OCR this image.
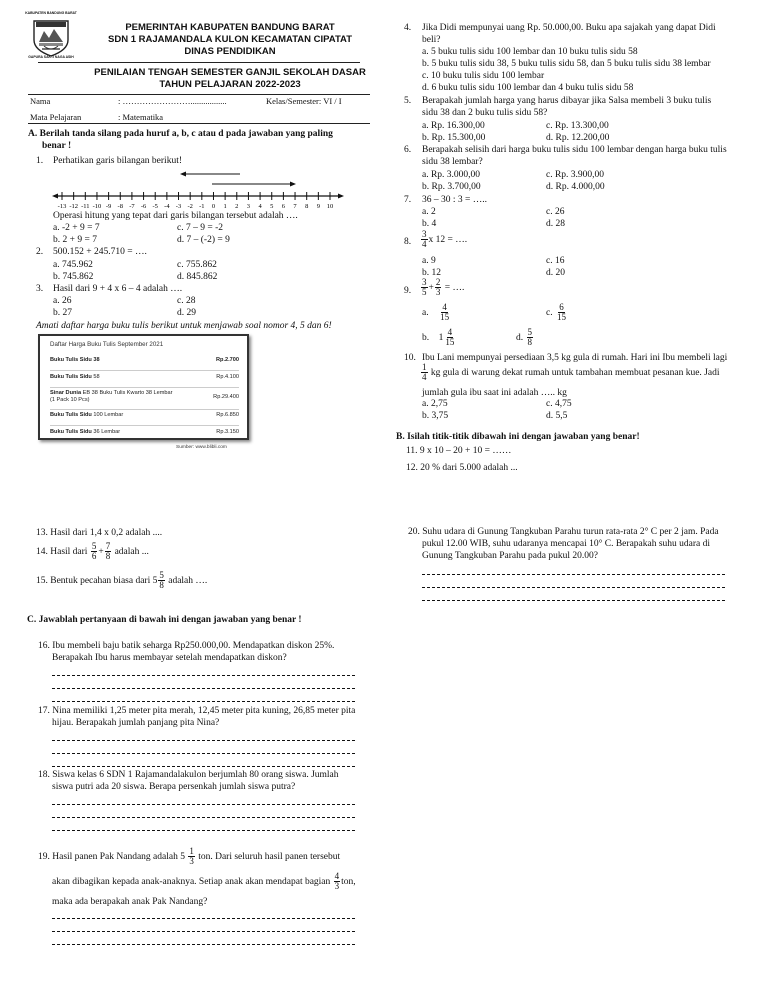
KABUPATEN BANDUNG BARAT
GAPURA SAKTI NAGA ASIH
PEMERINTAH KABUPATEN BANDUNG BARAT
SDN 1 RAJAMANDALA KULON KECAMATAN CIPATAT
DINAS PENDIDIKAN
PENILAIAN TENGAH SEMESTER GANJIL SEKOLAH DASAR
TAHUN PELAJARAN 2022-2023
Nama	: …………………….................	Kelas/Semester: VI / I
Mata Pelajaran	: Matematika
A. Berilah tanda silang pada huruf a, b, c atau d pada jawaban yang paling
benar !
1. Perhatikan garis bilangan berikut!
-13 -12 -11 -10 -9 -8 -7 -6 -5 -4 -3 -2 -1 0 1 2 3 4 5 6 7 8 9 10
Operasi hitung yang tepat dari garis bilangan tersebut adalah ….
a. -2 + 9 = 7	c. 7 – 9 = -2
b. 2 + 9 = 7	d. 7 – (-2) = 9
2. 500.152 + 245.710 = ….
a. 745.962	c. 755.862
b. 745.862	d. 845.862
3. Hasil dari 9 + 4 x 6 – 4 adalah ….
a. 26	c. 28
b. 27	d. 29
Amati daftar harga buku tulis berikut untuk menjawab soal nomor 4, 5 dan 6!
Daftar Harga Buku Tulis September 2021
Buku Tulis Sidu 38	Rp.2.700
Buku Tulis Sidu 58	Rp.4.100
Sinar Dunia EB 38 Buku Tulis Kwarto 38 Lembar
(1 Pack 10 Pcs)	Rp.29.400
Buku Tulis Sidu 100 Lembar	Rp.6.850
Buku Tulis Sidu 36 Lembar	Rp.3.150
Sumber: www.blibli.com
4. Jika Didi mempunyai uang Rp. 50.000,00. Buku apa sajakah yang dapat Didi
beli?
a. 5 buku tulis sidu 100 lembar dan 10 buku tulis sidu 58
b. 5 buku tulis sidu 38, 5 buku tulis sidu 58, dan 5 buku tulis sidu 38 lembar
c. 10 buku tulis sidu 100 lembar
d. 6 buku tulis sidu 100 lembar dan 4 buku tulis sidu 58
5. Berapakah jumlah harga yang harus dibayar jika Salsa membeli 3 buku tulis
sidu 38 dan 2 buku tulis sidu 58?
a. Rp. 16.300,00	c. Rp. 13.300,00
b. Rp. 15.300,00	d. Rp. 12.200,00
6. Berapakah selisih dari harga buku tulis sidu 100 lembar dengan harga buku tulis
sidu 38 lembar?
a. Rp. 3.000,00	c. Rp. 3.900,00
b. Rp. 3.700,00	d. Rp. 4.000,00
7. 36 – 30 : 3 = …..
a. 2	c. 26
b. 4	d. 28
8. $\frac{3}{4}$ x 12 = ….
a. 9	c. 16
b. 12	d. 20
9. $\frac{3}{5} + \frac{2}{3}$ = ….
a. $\frac{4}{15}$	c. $\frac{6}{15}$
b. $1 \frac{4}{15}$	d. $\frac{5}{8}$
10. Ibu Lani mempunyai persediaan 3,5 kg gula di rumah. Hari ini Ibu membeli lagi
$\frac{1}{4}$ kg gula di warung dekat rumah untuk tambahan membuat pesanan kue. Jadi
jumlah gula ibu saat ini adalah ….. kg
a. 2,75	c. 4,75
b. 3,75	d. 5,5
B. Isilah titik-titik dibawah ini dengan jawaban yang benar!
11. 9 x 10 – 20 + 10 = ……
12. 20 % dari 5.000 adalah ...
13. Hasil dari 1,4 x 0,2 adalah ....
14. Hasil dari $\frac{5}{6} + \frac{7}{8}$ adalah ...
15. Bentuk pecahan biasa dari $5 \frac{5}{8}$ adalah ….
C. Jawablah pertanyaan di bawah ini dengan jawaban yang benar !
16. Ibu membeli baju batik seharga Rp250.000,00. Mendapatkan diskon 25%.
Berapakah Ibu harus membayar setelah mendapatkan diskon?
17. Nina memiliki 1,25 meter pita merah, 12,45 meter pita kuning, 26,85 meter pita
hijau. Berapakah jumlah panjang pita Nina?
18. Siswa kelas 6 SDN 1 Rajamandalakulon berjumlah 80 orang siswa. Jumlah
siswa putri ada 20 siswa. Berapa persenkah jumlah siswa putra?
19. Hasil panen Pak Nandang adalah $5 \frac{1}{3}$ ton. Dari seluruh hasil panen tersebut
akan dibagikan kepada anak-anaknya. Setiap anak akan mendapat bagian $\frac{4}{3}$ ton,
maka ada berapakah anak Pak Nandang?
20. Suhu udara di Gunung Tangkuban Parahu turun rata-rata 2° C per 2 jam. Pada
pukul 12.00 WIB, suhu udaranya mencapai 10° C. Berapakah suhu udara di
Gunung Tangkuban Parahu pada pukul 20.00?
